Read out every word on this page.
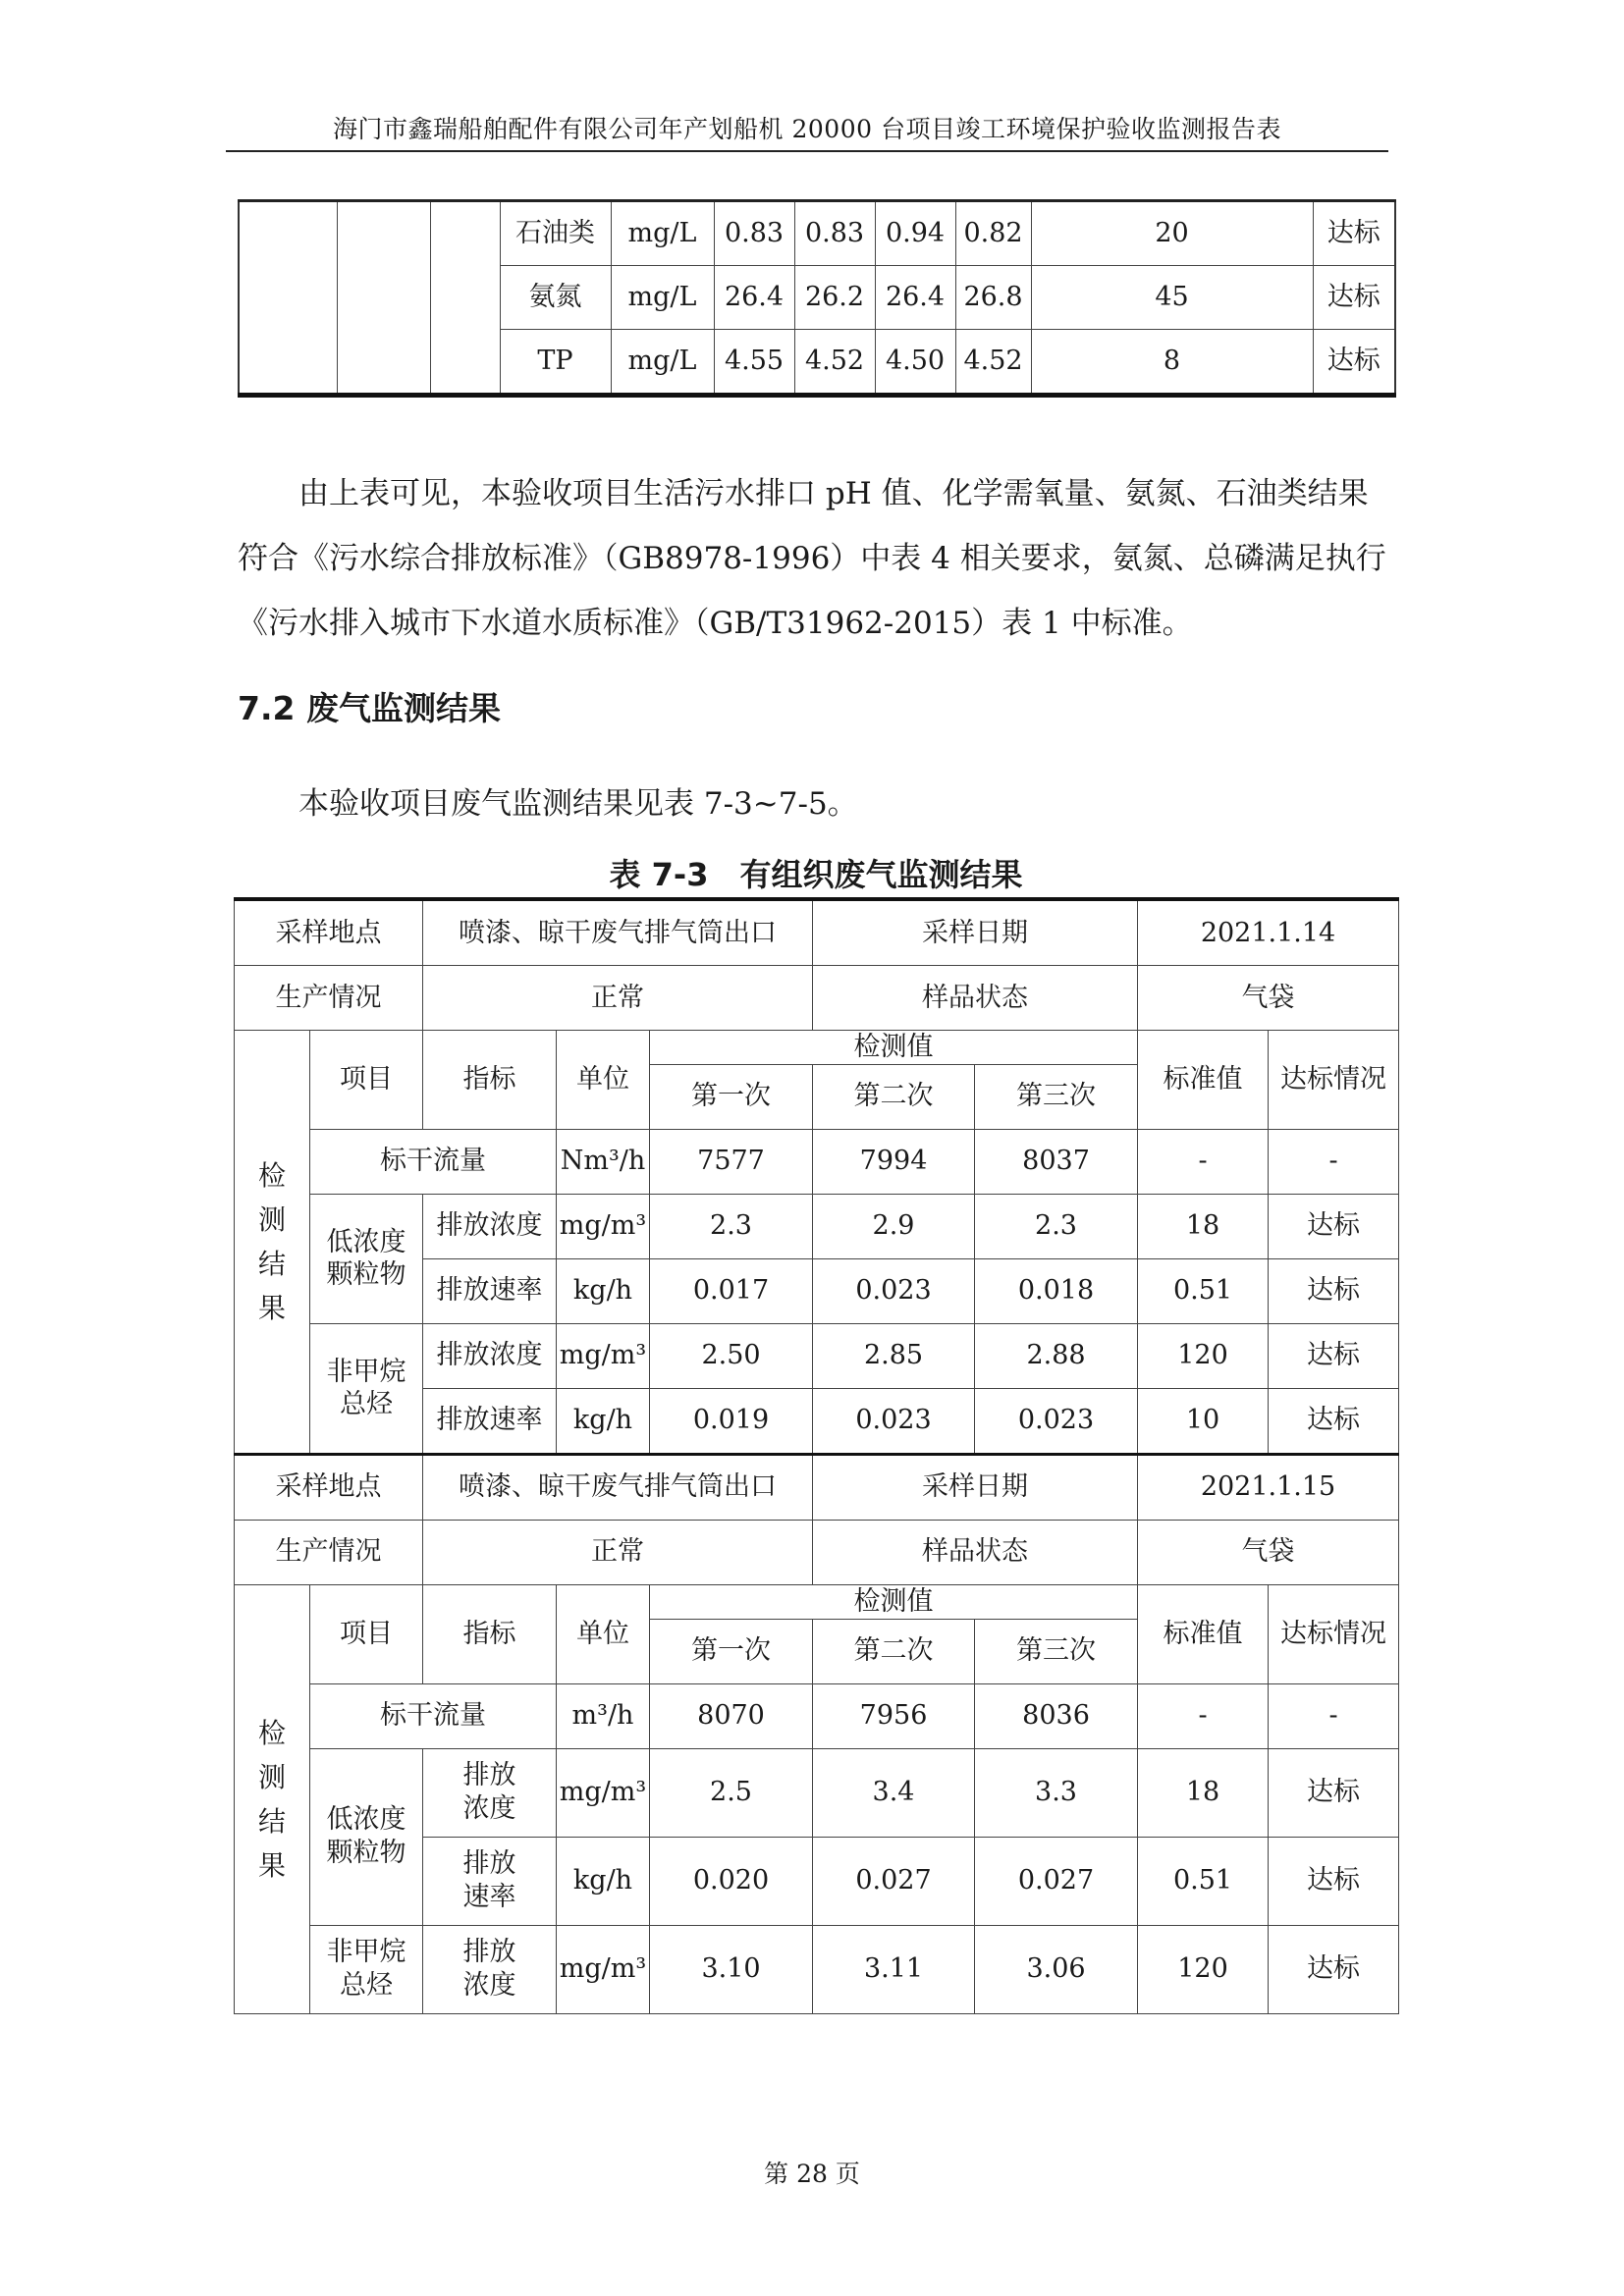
海门市鑫瑞船舶配件有限公司年产划船机 20000 台项目竣工环境保护验收监测报告表
			石油类	mg/L	0.83	0.83	0.94	0.82	20	达标
			氨氮	mg/L	26.4	26.2	26.4	26.8	45	达标
			TP	mg/L	4.55	4.52	4.50	4.52	8	达标

由上表可见，本验收项目生活污水排口 pH 值、化学需氧量、氨氮、石油类结果符合《污水综合排放标准》（GB8978-1996）中表 4 相关要求，氨氮、总磷满足执行《污水排入城市下水道水质标准》（GB/T31962-2015）表 1 中标准。

7.2 废气监测结果

本验收项目废气监测结果见表 7-3~7-5。

表 7-3　有组织废气监测结果
采样地点		喷漆、晾干废气排气筒出口			采样日期		2021.1.14	
生产情况		正常			样品状态		气袋	
检测结果	项目	指标	单位	检测值			标准值	达标情况
				第一次	第二次	第三次		
	标干流量		Nm³/h	7577	7994	8037	-	-
	低浓度颗粒物	排放浓度	mg/m³	2.3	2.9	2.3	18	达标
		排放速率	kg/h	0.017	0.023	0.018	0.51	达标
	非甲烷总烃	排放浓度	mg/m³	2.50	2.85	2.88	120	达标
		排放速率	kg/h	0.019	0.023	0.023	10	达标
采样地点		喷漆、晾干废气排气筒出口			采样日期		2021.1.15	
生产情况		正常			样品状态		气袋	
检测结果	项目	指标	单位	检测值			标准值	达标情况
				第一次	第二次	第三次		
	标干流量		m³/h	8070	7956	8036	-	-
	低浓度颗粒物	排放浓度	mg/m³	2.5	3.4	3.3	18	达标
		排放速率	kg/h	0.020	0.027	0.027	0.51	达标
	非甲烷总烃	排放浓度	mg/m³	3.10	3.11	3.06	120	达标
第 28 页
